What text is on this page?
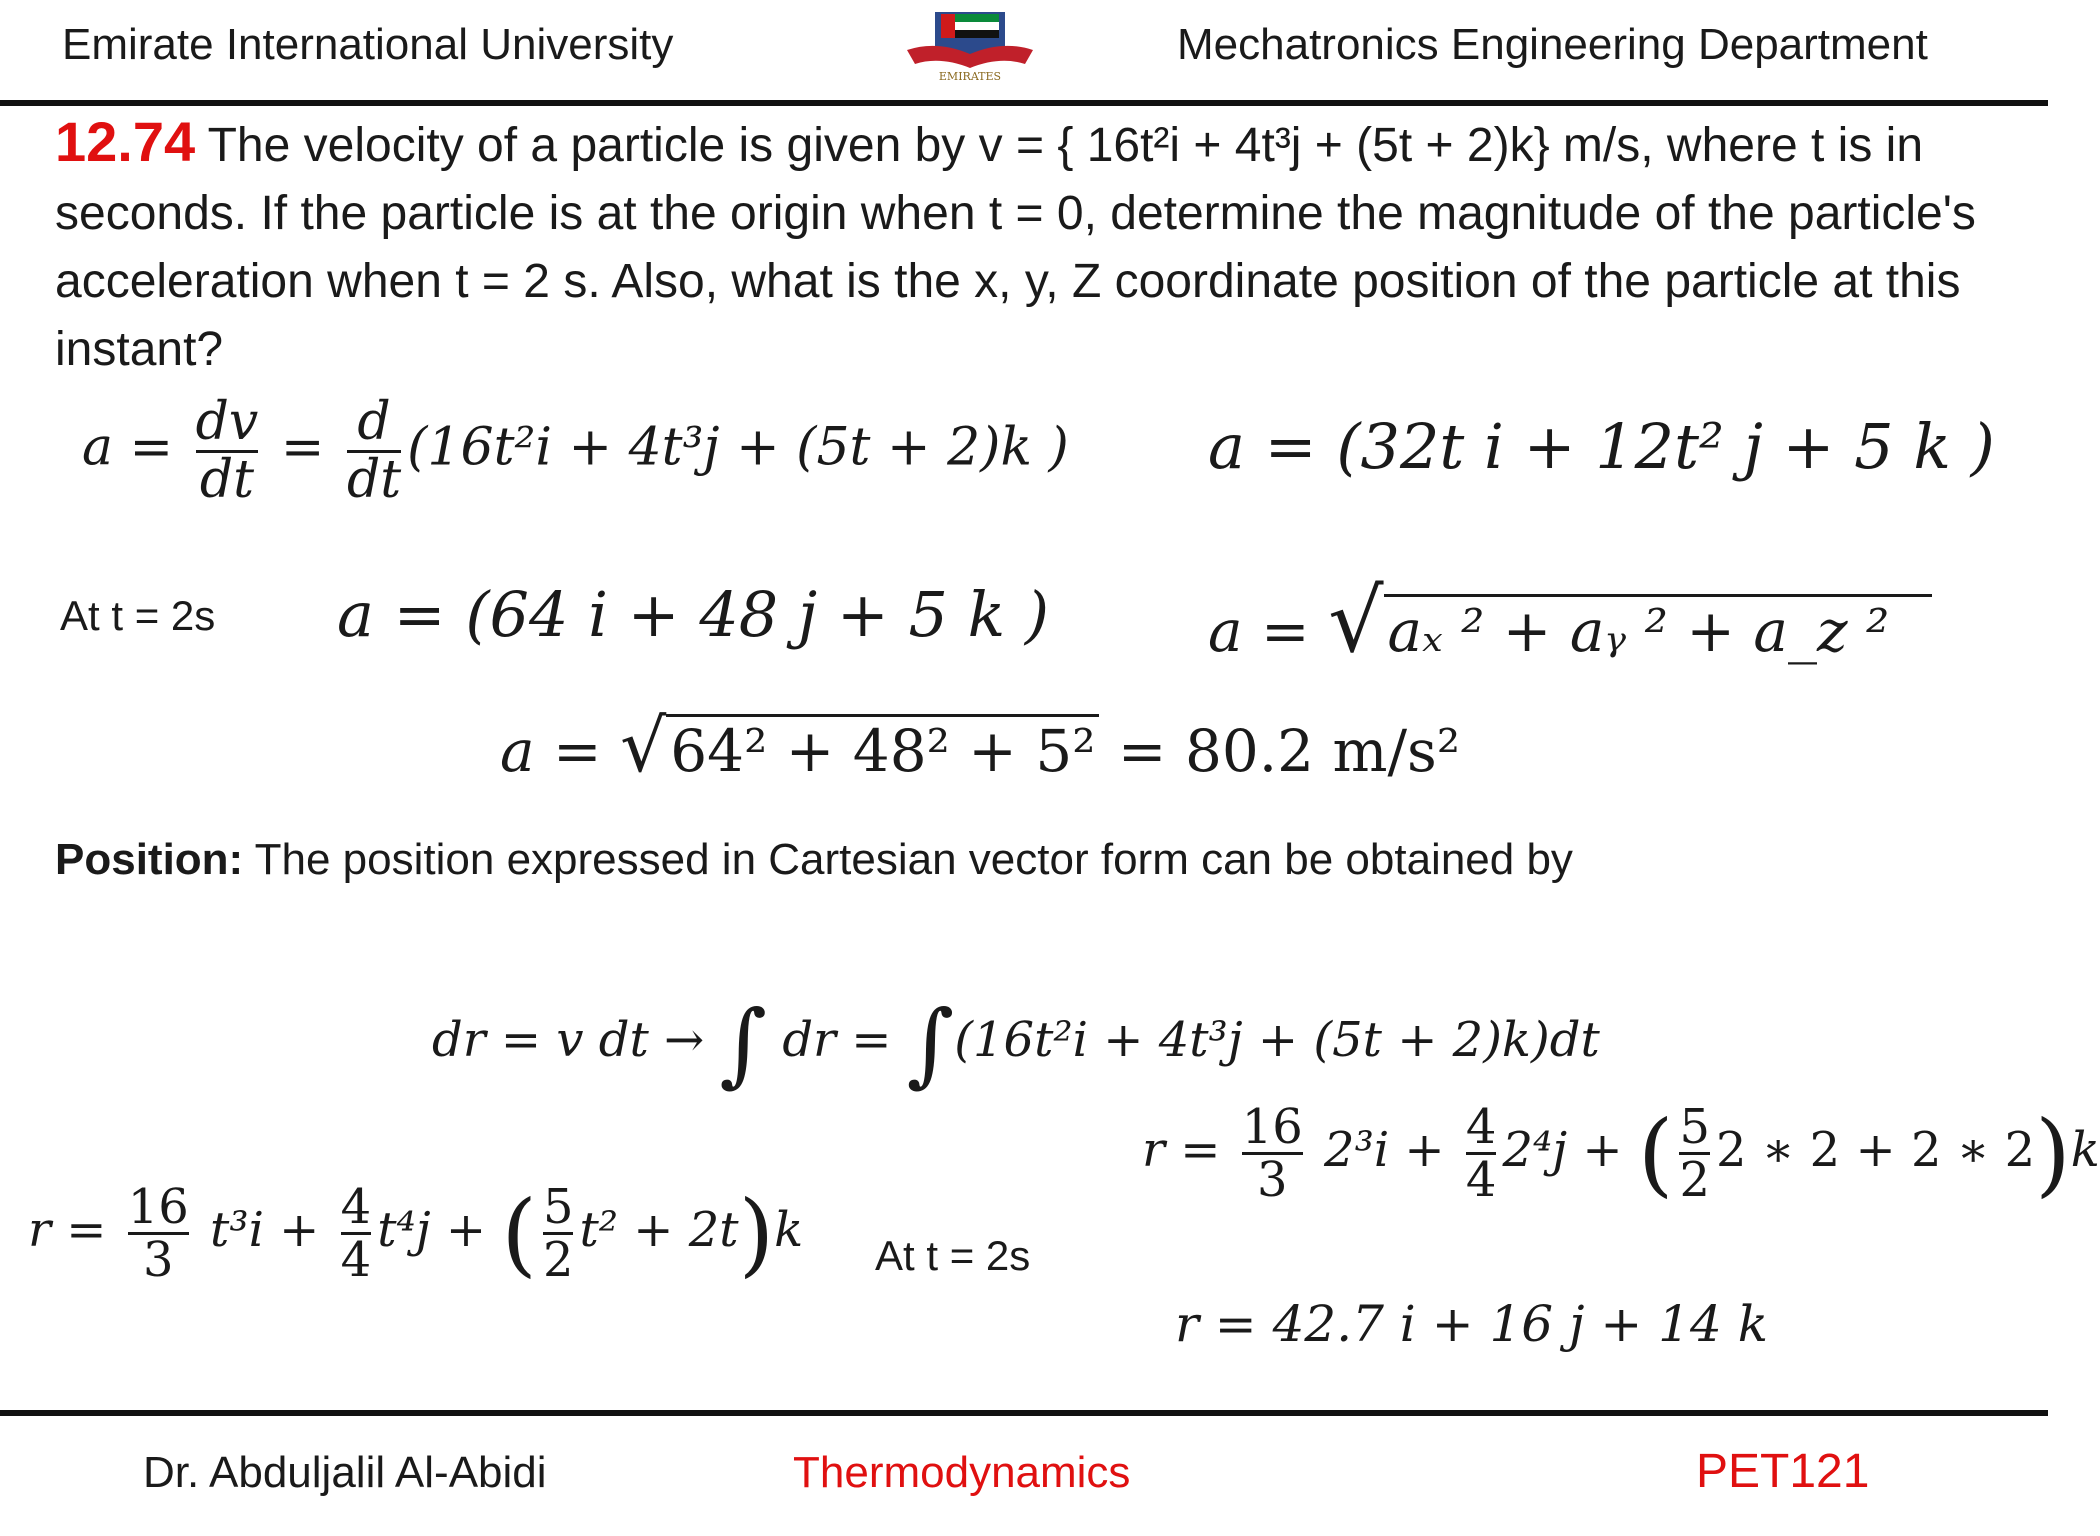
Emirate International University
EMIRATES
Mechatronics Engineering Department
12.74 The velocity of a particle is given by v = { 16t²i + 4t³j + (5t + 2)k} m/s, where t is in seconds. If the particle is at the origin when t = 0, determine the magnitude of the particle's acceleration when t = 2 s. Also, what is the x, y, Z coordinate position of the particle at this instant?
$a = \frac{dv}{dt} = \frac{d}{dt} (16t^2i + 4t^3j + (5t + 2)k$ ) a = (32t i + 12t² j + 5 k )
At t = 2s a = (64 i + 48 j + 5 k )	a = √aₓ ² + aᵧ ² + a_z ²
a = √64² + 48² + 5² = 80.2 m/s²
Position: The position expressed in Cartesian vector form can be obtained by
dr = v dt → ∫ dr = ∫(16t²i + 4t³j + (5t + 2)k)dt
$r = \frac{16}{3} t^3i + \frac{4}{4} t^4j$ + ( $\frac{5}{2} t^2 + 2t)k$ At t = 2s
$r = \frac{16}{3} 2^3i + \frac{4}{4} 2^4j$ + ( $\frac{5}{2} 2$ ∗ 2 + 2 ∗ 2)k
r = 42.7 i + 16 j + 14 k
Dr. Abduljalil Al-Abidi	Thermodynamics	PET121
